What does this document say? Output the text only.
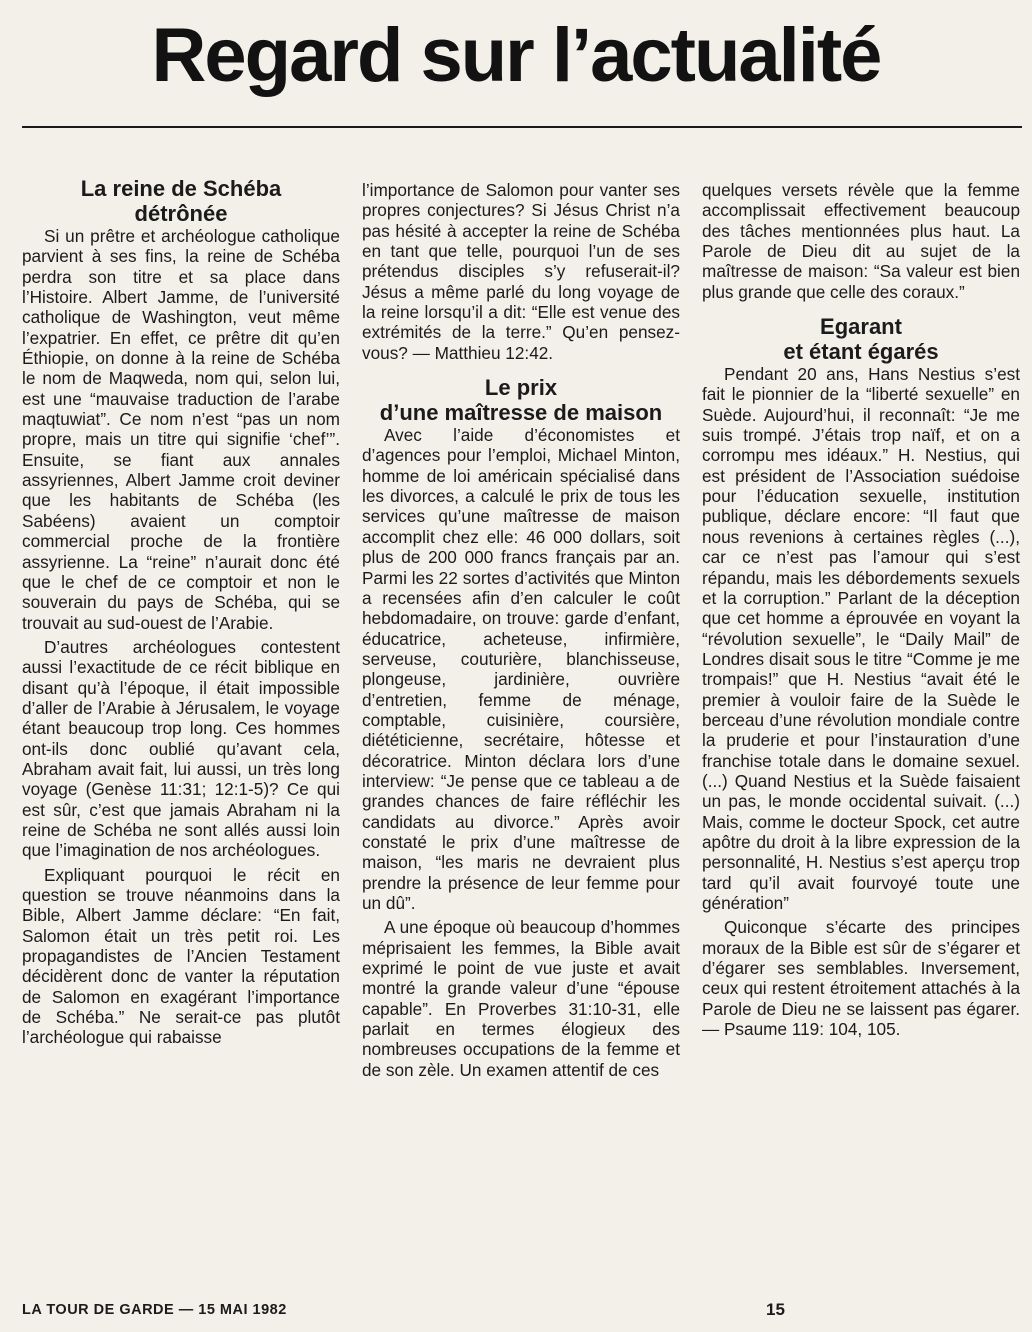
Regard sur l’actualité
La reine de Schéba
détrônée

Si un prêtre et archéologue catholique parvient à ses fins, la reine de Schéba perdra son titre et sa place dans l’Histoire. Albert Jamme, de l’université catholique de Washington, veut même l’expatrier. En effet, ce prêtre dit qu’en Éthiopie, on donne à la reine de Schéba le nom de Maqweda, nom qui, selon lui, est une “mauvaise traduction de l’arabe maqtuwiat”. Ce nom n’est “pas un nom propre, mais un titre qui signifie ‘chef’”. Ensuite, se fiant aux annales assyriennes, Albert Jamme croit deviner que les habitants de Schéba (les Sabéens) avaient un comptoir commercial proche de la frontière assyrienne. La “reine” n’aurait donc été que le chef de ce comptoir et non le souverain du pays de Schéba, qui se trouvait au sud-ouest de l’Arabie.

D’autres archéologues contestent aussi l’exactitude de ce récit biblique en disant qu’à l’époque, il était impossible d’aller de l’Arabie à Jérusalem, le voyage étant beaucoup trop long. Ces hommes ont-ils donc oublié qu’avant cela, Abraham avait fait, lui aussi, un très long voyage (Genèse 11:31; 12:1-5)? Ce qui est sûr, c’est que jamais Abraham ni la reine de Schéba ne sont allés aussi loin que l’imagination de nos archéologues.

Expliquant pourquoi le récit en question se trouve néanmoins dans la Bible, Albert Jamme déclare: “En fait, Salomon était un très petit roi. Les propagandistes de l’Ancien Testament décidèrent donc de vanter la réputation de Salomon en exagérant l’importance de Schéba.” Ne serait-ce pas plutôt l’archéologue qui rabaisse

l’importance de Salomon pour vanter ses propres conjectures? Si Jésus Christ n’a pas hésité à accepter la reine de Schéba en tant que telle, pourquoi l’un de ses prétendus disciples s’y refuserait-il? Jésus a même parlé du long voyage de la reine lorsqu’il a dit: “Elle est venue des extrémités de la terre.” Qu’en pensez-vous? — Matthieu 12:42.

Le prix
d’une maîtresse de maison

Avec l’aide d’économistes et d’agences pour l’emploi, Michael Minton, homme de loi américain spécialisé dans les divorces, a calculé le prix de tous les services qu’une maîtresse de maison accomplit chez elle: 46 000 dollars, soit plus de 200 000 francs français par an. Parmi les 22 sortes d’activités que Minton a recensées afin d’en calculer le coût hebdomadaire, on trouve: garde d’enfant, éducatrice, acheteuse, infirmière, serveuse, couturière, blanchisseuse, plongeuse, jardinière, ouvrière d’entretien, femme de ménage, comptable, cuisinière, coursière, diététicienne, secrétaire, hôtesse et décoratrice. Minton déclara lors d’une interview: “Je pense que ce tableau a de grandes chances de faire réfléchir les candidats au divorce.” Après avoir constaté le prix d’une maîtresse de maison, “les maris ne devraient plus prendre la présence de leur femme pour un dû”.

A une époque où beaucoup d’hommes méprisaient les femmes, la Bible avait exprimé le point de vue juste et avait montré la grande valeur d’une “épouse capable”. En Proverbes 31:10-31, elle parlait en termes élogieux des nombreuses occupations de la femme et de son zèle. Un examen attentif de ces

quelques versets révèle que la femme accomplissait effectivement beaucoup des tâches mentionnées plus haut. La Parole de Dieu dit au sujet de la maîtresse de maison: “Sa valeur est bien plus grande que celle des coraux.”

Egarant
et étant égarés

Pendant 20 ans, Hans Nestius s’est fait le pionnier de la “liberté sexuelle” en Suède. Aujourd’hui, il reconnaît: “Je me suis trompé. J’étais trop naïf, et on a corrompu mes idéaux.” H. Nestius, qui est président de l’Association suédoise pour l’éducation sexuelle, institution publique, déclare encore: “Il faut que nous revenions à certaines règles (...), car ce n’est pas l’amour qui s’est répandu, mais les débordements sexuels et la corruption.” Parlant de la déception que cet homme a éprouvée en voyant la “révolution sexuelle”, le “Daily Mail” de Londres disait sous le titre “Comme je me trompais!” que H. Nestius “avait été le premier à vouloir faire de la Suède le berceau d’une révolution mondiale contre la pruderie et pour l’instauration d’une franchise totale dans le domaine sexuel. (...) Quand Nestius et la Suède faisaient un pas, le monde occidental suivait. (...) Mais, comme le docteur Spock, cet autre apôtre du droit à la libre expression de la personnalité, H. Nestius s’est aperçu trop tard qu’il avait fourvoyé toute une génération”

Quiconque s’écarte des principes moraux de la Bible est sûr de s’égarer et d’égarer ses semblables. Inversement, ceux qui restent étroitement attachés à la Parole de Dieu ne se laissent pas égarer. — Psaume 119: 104, 105.

LA TOUR DE GARDE — 15 MAI 1982	15
